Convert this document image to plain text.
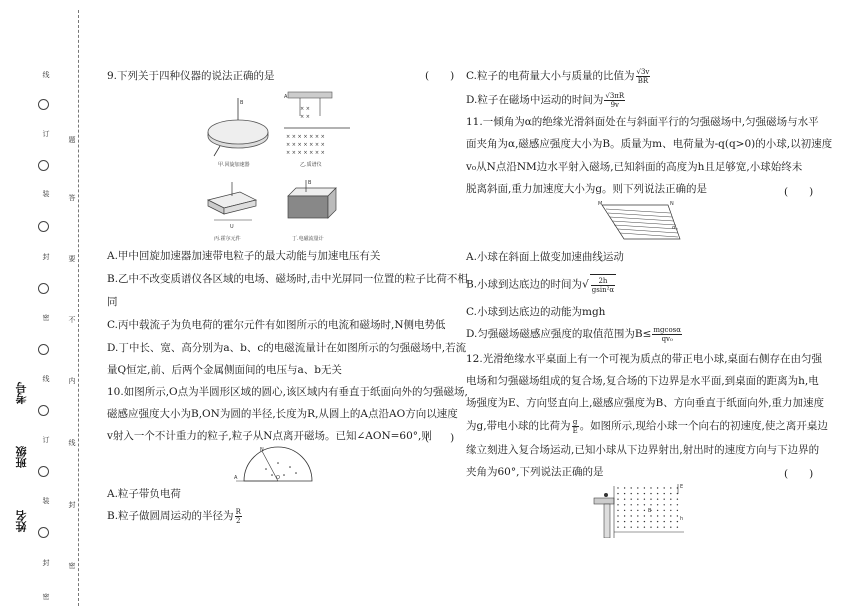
线
订
装
封
密
线
订
装
封
密
题
答
要
不
内
线
封
密
考号
班级
姓名
9.下列关于四种仪器的说法正确的是	(　　)
B
甲.回旋加速器
× × × × × × ×
× × × × × × ×
× × × × × × ×
× ×
× ×
A
乙.质谱仪
U
丙.霍尔元件
B
丁.电磁流量计
A.甲中回旋加速器加速带电粒子的最大动能与加速电压有关
B.乙中不改变质谱仪各区域的电场、磁场时,击中光屏同一位置的粒子比荷不相
同
C.丙中载流子为负电荷的霍尔元件有如图所示的电流和磁场时,N侧电势低
D.丁中长、宽、高分别为a、b、c的电磁流量计在如图所示的匀强磁场中,若流
量Q恒定,前、后两个金属侧面间的电压与a、b无关
10.如图所示,O点为半圆形区域的圆心,该区域内有垂直于纸面向外的匀强磁场,
磁感应强度大小为B,ON为圆的半径,长度为R,从圆上的A点沿AO方向以速度
v射入一个不计重力的粒子,粒子从N点离开磁场。已知∠AON=60°,则
(　　)
N
A	O
A.粒子带负电荷
B.粒子做圆周运动的半径为 $\frac{R}{2}$
C.粒子的电荷量大小与质量的比值为 $\frac{√3v}{BR}$
D.粒子在磁场中运动的时间为 $\frac{√3\pi R}{9v}$
11.一倾角为α的绝缘光滑斜面处在与斜面平行的匀强磁场中,匀强磁场与水平
面夹角为α,磁感应强度大小为B。质量为m、电荷量为-q(q>0)的小球,以初速度
v₀从N点沿NM边水平射入磁场,已知斜面的高度为h且足够宽,小球始终未
脱离斜面,重力加速度大小为g。则下列说法正确的是	(　　)
M	N
α
A.小球在斜面上做变加速曲线运动
B.小球到达底边的时间为√ $\frac{2h}{\text{gsin²α}}$
C.小球到达底边的动能为mgh
D.匀强磁场磁感应强度的取值范围为$B\le \frac{mgcos\alpha}{\text{qv₀}}$
12.光滑绝缘水平桌面上有一个可视为质点的带正电小球,桌面右侧存在由匀强
电场和匀强磁场组成的复合场,复合场的下边界是水平面,到桌面的距离为h,电
场强度为E、方向竖直向上,磁感应强度为B、方向垂直于纸面向外,重力加速度
为g,带电小球的比荷为 $\frac{g}{E}$ 。如图所示,现给小球一个向右的初速度,使之离开桌边
缘立刻进入复合场运动,已知小球从下边界射出,射出时的速度方向与下边界的
夹角为60°,下列说法正确的是	(　　)
E
h
B
